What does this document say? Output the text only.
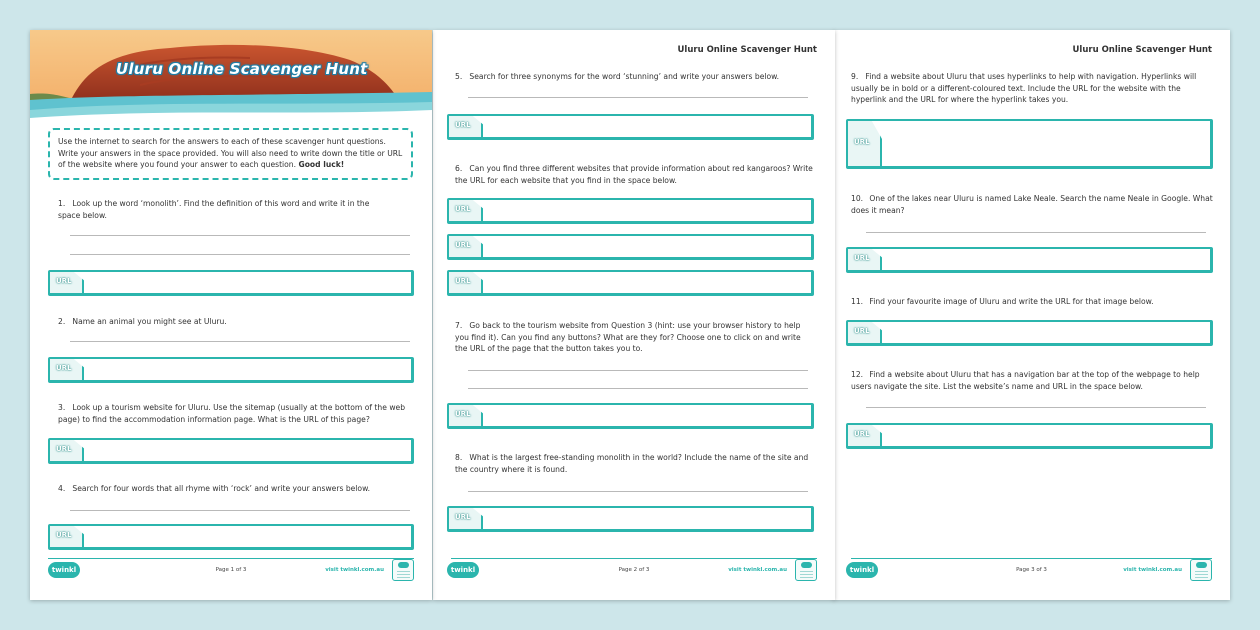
Uluru Online Scavenger Hunt
Use the internet to search for the answers to each of these scavenger hunt questions. Write your answers in the space provided. You will also need to write down the title or URL of the website where you found your answer to each question. Good luck!
1. Look up the word ‘monolith’. Find the definition of this word and write it in the space below.
URL
2. Name an animal you might see at Uluru.
URL
3. Look up a tourism website for Uluru. Use the sitemap (usually at the bottom of the web page) to find the accommodation information page. What is the URL of this page?
URL
4. Search for four words that all rhyme with ‘rock’ and write your answers below.
URL
twinkl	Page 1 of 3	visit twinkl.com.au
Uluru Online Scavenger Hunt
5. Search for three synonyms for the word ‘stunning’ and write your answers below.
URL
6. Can you find three different websites that provide information about red kangaroos? Write the URL for each website that you find in the space below.
URL
URL
URL
7. Go back to the tourism website from Question 3 (hint: use your browser history to help you find it). Can you find any buttons? What are they for? Choose one to click on and write the URL of the page that the button takes you to.
URL
8. What is the largest free-standing monolith in the world? Include the name of the site and the country where it is found.
URL
twinkl	Page 2 of 3	visit twinkl.com.au
Uluru Online Scavenger Hunt
9. Find a website about Uluru that uses hyperlinks to help with navigation. Hyperlinks will usually be in bold or a different-coloured text. Include the URL for the website with the hyperlink and the URL for where the hyperlink takes you.
URL
10. One of the lakes near Uluru is named Lake Neale. Search the name Neale in Google. What does it mean?
URL
11. Find your favourite image of Uluru and write the URL for that image below.
URL
12. Find a website about Uluru that has a navigation bar at the top of the webpage to help users navigate the site. List the website’s name and URL in the space below.
URL
twinkl	Page 3 of 3	visit twinkl.com.au
